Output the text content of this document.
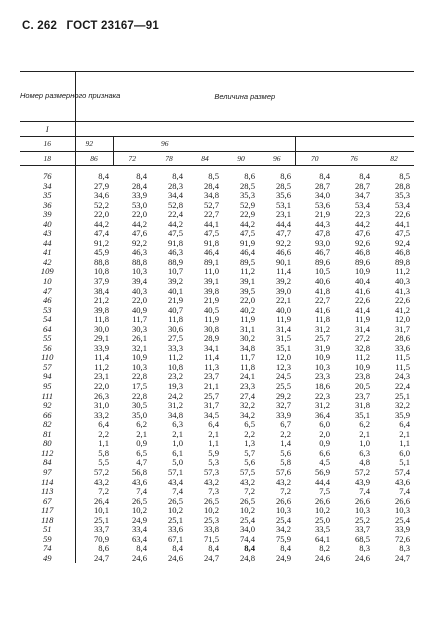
С. 262 ГОСТ 23167—91
Номер размерного признака	Величина размер								
I									
16	92		96						
18	86	72	78	84	90	96	70	76	82

76	8,4	8,4	8,4	8,5	8,6	8,6	8,4	8,4	8,5
34	27,9	28,4	28,3	28,4	28,5	28,5	28,7	28,7	28,8
35	34,6	33,9	34,4	34,8	35,3	35,6	34,0	34,7	35,3
36	52,2	53,0	52,8	52,7	52,9	53,1	53,6	53,4	53,4
39	22,0	22,0	22,4	22,7	22,9	23,1	21,9	22,3	22,6
40	44,2	44,2	44,2	44,1	44,2	44,4	44,3	44,2	44,1
43	47,4	47,6	47,5	47,5	47,5	47,7	47,8	47,6	47,5
44	91,2	92,2	91,8	91,8	91,9	92,2	93,0	92,6	92,4
41	45,9	46,3	46,3	46,4	46,4	46,6	46,7	46,8	46,8
42	88,8	88,8	88,9	89,1	89,5	90,1	89,6	89,6	89,8
109	10,8	10,3	10,7	11,0	11,2	11,4	10,5	10,9	11,2
10	37,9	39,4	39,2	39,1	39,1	39,2	40,6	40,4	40,3
47	38,4	40,3	40,1	39,8	39,5	39,0	41,8	41,6	41,3
46	21,2	22,0	21,9	21,9	22,0	22,1	22,7	22,6	22,6
53	39,8	40,9	40,7	40,5	40,2	40,0	41,6	41,4	41,2
54	11,8	11,7	11,8	11,9	11,9	11,9	11,8	11,9	12,0
64	30,0	30,3	30,6	30,8	31,1	31,4	31,2	31,4	31,7
55	29,1	26,1	27,5	28,9	30,2	31,5	25,7	27,2	28,6
56	33,9	32,1	33,3	34,1	34,8	35,1	31,9	32,8	33,6
110	11,4	10,9	11,2	11,4	11,7	12,0	10,9	11,2	11,5
57	11,2	10,3	10,8	11,3	11,8	12,3	10,3	10,9	11,5
94	23,1	22,8	23,2	23,7	24,1	24,5	23,3	23,8	24,3
95	22,0	17,5	19,3	21,1	23,3	25,5	18,6	20,5	22,4
111	26,3	22,8	24,2	25,7	27,4	29,2	22,3	23,7	25,1
92	31,0	30,5	31,2	31,7	32,2	32,7	31,2	31,8	32,2
66	33,2	35,0	34,8	34,5	34,2	33,9	36,4	35,1	35,9
82	6,4	6,2	6,3	6,4	6,5	6,7	6,0	6,2	6,4
81	2,2	2,1	2,1	2,1	2,2	2,2	2,0	2,1	2,1
80	1,1	0,9	1,0	1,1	1,3	1,4	0,9	1,0	1,1
112	5,8	6,5	6,1	5,9	5,7	5,6	6,6	6,3	6,0
84	5,5	4,7	5,0	5,3	5,6	5,8	4,5	4,8	5,1
97	57,2	56,8	57,1	57,3	57,5	57,6	56,9	57,2	57,4
114	43,2	43,6	43,4	43,2	43,2	43,2	44,4	43,9	43,6
113	7,2	7,4	7,4	7,3	7,2	7,2	7,5	7,4	7,4
67	26,4	26,5	26,5	26,5	26,5	26,6	26,6	26,6	26,6
117	10,1	10,2	10,2	10,2	10,2	10,3	10,2	10,3	10,3
118	25,1	24,9	25,1	25,3	25,4	25,4	25,0	25,2	25,4
51	33,7	33,4	33,6	33,8	34,0	34,2	33,5	33,7	33,9
59	70,9	63,4	67,1	71,5	74,4	75,9	64,1	68,5	72,6
74	8,6	8,4	8,4	8,4	8,4	8,4	8,2	8,3	8,3
49	24,7	24,6	24,6	24,7	24,8	24,9	24,6	24,6	24,7
